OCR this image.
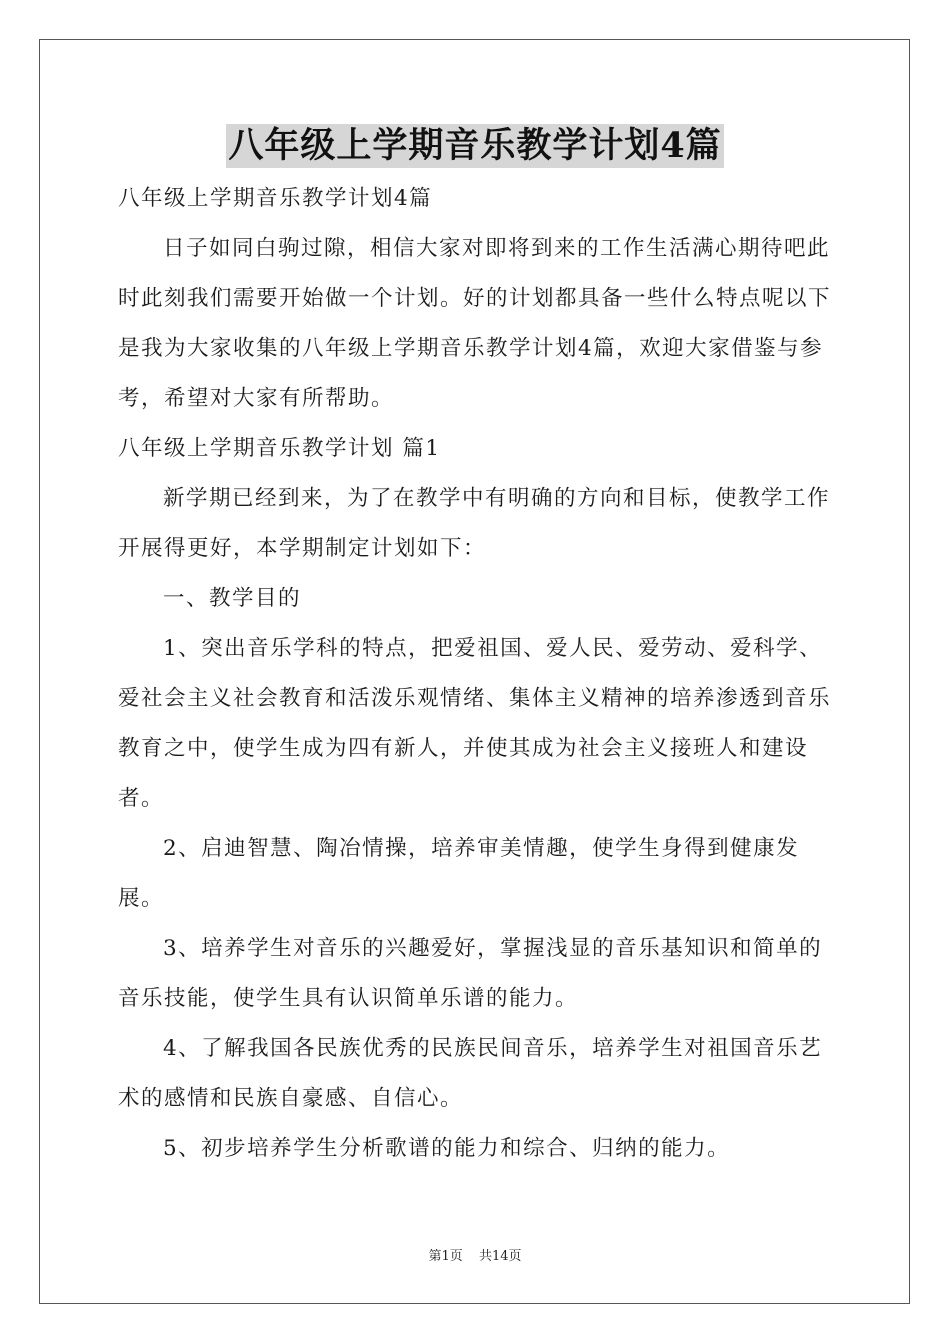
八年级上学期音乐教学计划4篇

八年级上学期音乐教学计划4篇

日子如同白驹过隙，相信大家对即将到来的工作生活满心期待吧此时此刻我们需要开始做一个计划。好的计划都具备一些什么特点呢以下是我为大家收集的八年级上学期音乐教学计划4篇，欢迎大家借鉴与参考，希望对大家有所帮助。

八年级上学期音乐教学计划 篇1

新学期已经到来，为了在教学中有明确的方向和目标，使教学工作开展得更好，本学期制定计划如下：

一、教学目的

1、突出音乐学科的特点，把爱祖国、爱人民、爱劳动、爱科学、爱社会主义社会教育和活泼乐观情绪、集体主义精神的培养渗透到音乐教育之中，使学生成为四有新人，并使其成为社会主义接班人和建设者。

2、启迪智慧、陶冶情操，培养审美情趣，使学生身得到健康发展。

3、培养学生对音乐的兴趣爱好，掌握浅显的音乐基知识和简单的音乐技能，使学生具有认识简单乐谱的能力。

4、了解我国各民族优秀的民族民间音乐，培养学生对祖国音乐艺术的感情和民族自豪感、自信心。

5、初步培养学生分析歌谱的能力和综合、归纳的能力。

第1页 共14页
